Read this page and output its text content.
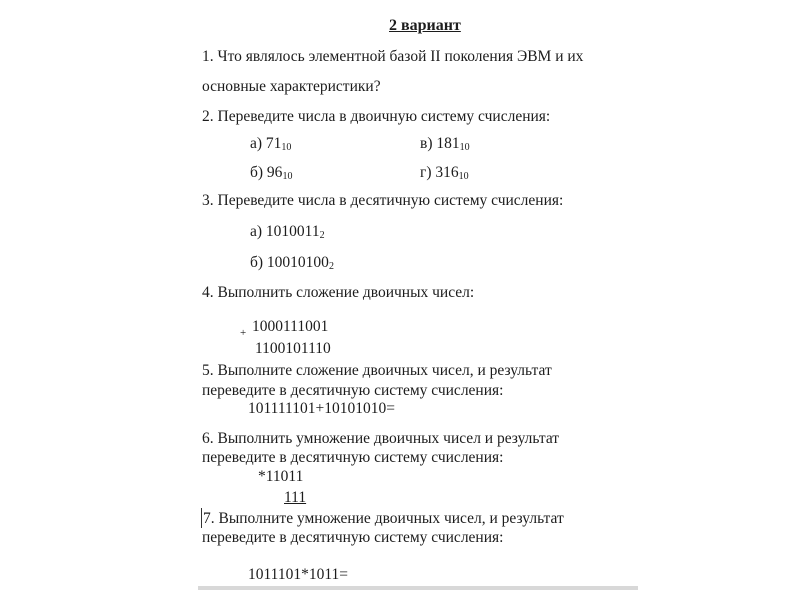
2 вариант
1. Что являлось элементной базой II поколения ЭВМ и их
основные характеристики?
2. Переведите числа в двоичную систему счисления:
а) $71_{10}$	в) $181_{10}$
б) $96_{10}$	г) $316_{10}$
3. Переведите числа в десятичную систему счисления:
а) $1010011_2$
б) $10010100_2$
4. Выполнить сложение двоичных чисел:
+ 1000111001
1100101110
5. Выполните сложение двоичных чисел, и результат
переведите в десятичную систему счисления:
101111101+10101010=
6. Выполнить умножение двоичных чисел и результат
переведите в десятичную систему счисления:
*11011
111
7. Выполните умножение двоичных чисел, и результат
переведите в десятичную систему счисления:
1011101*1011=
